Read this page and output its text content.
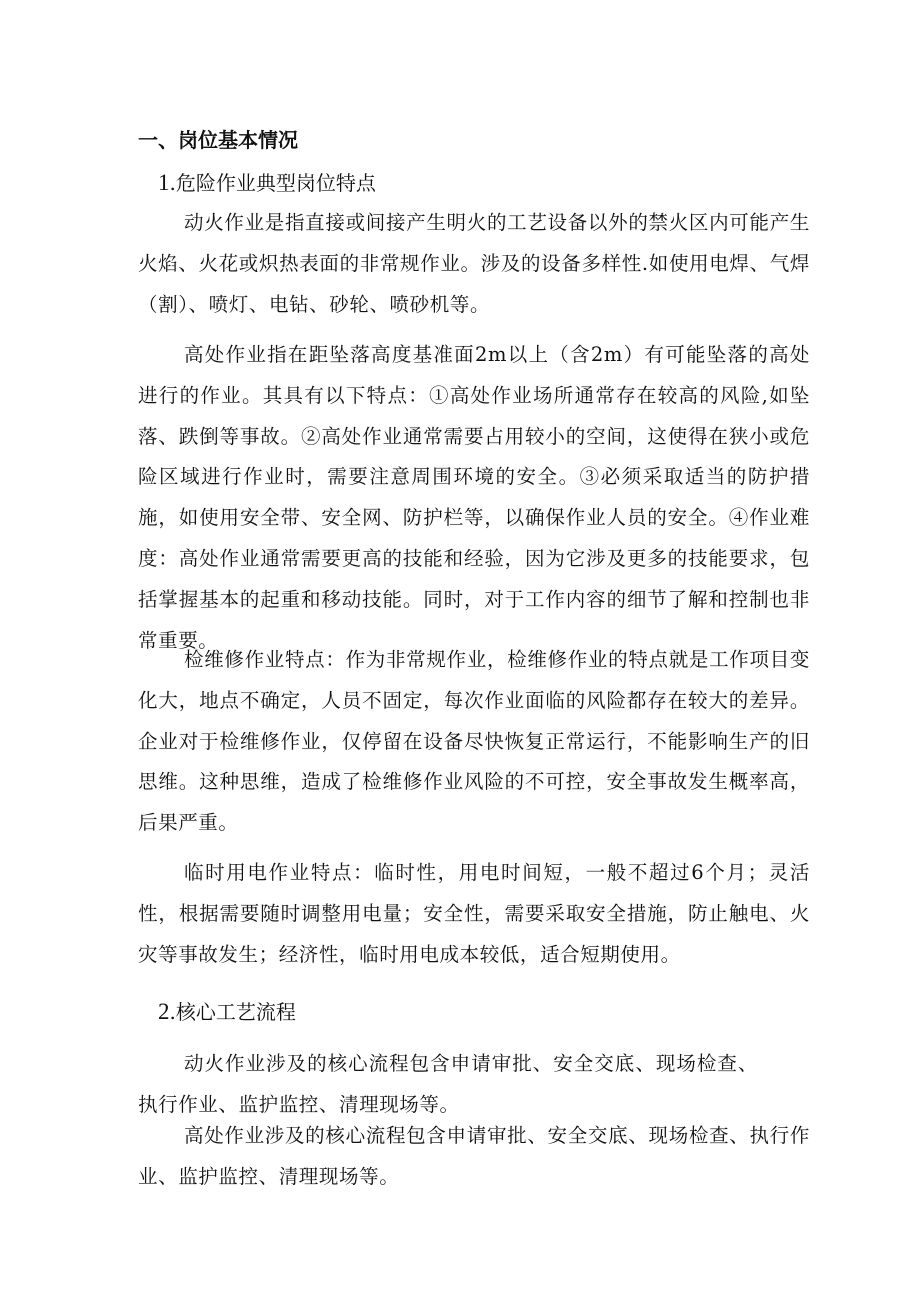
一、岗位基本情况
1.危险作业典型岗位特点
动火作业是指直接或间接产生明火的工艺设备以外的禁火区内可能产生火焰、火花或炽热表面的非常规作业。涉及的设备多样性.如使用电焊、气焊（割）、喷灯、电钻、砂轮、喷砂机等。
高处作业指在距坠落高度基准面2m以上（含2m）有可能坠落的高处进行的作业。其具有以下特点：①高处作业场所通常存在较高的风险,如坠落、跌倒等事故。②高处作业通常需要占用较小的空间，这使得在狭小或危险区域进行作业时，需要注意周围环境的安全。③必须采取适当的防护措施，如使用安全带、安全网、防护栏等，以确保作业人员的安全。④作业难度：高处作业通常需要更高的技能和经验，因为它涉及更多的技能要求，包括掌握基本的起重和移动技能。同时，对于工作内容的细节了解和控制也非常重要。
检维修作业特点：作为非常规作业，检维修作业的特点就是工作项目变化大，地点不确定，人员不固定，每次作业面临的风险都存在较大的差异。企业对于检维修作业，仅停留在设备尽快恢复正常运行，不能影响生产的旧思维。这种思维，造成了检维修作业风险的不可控，安全事故发生概率高，后果严重。
临时用电作业特点：临时性，用电时间短，一般不超过6个月；灵活性，根据需要随时调整用电量；安全性，需要采取安全措施，防止触电、火灾等事故发生；经济性，临时用电成本较低，适合短期使用。
2.核心工艺流程
动火作业涉及的核心流程包含申请审批、安全交底、现场检查、执行作业、监护监控、清理现场等。
高处作业涉及的核心流程包含申请审批、安全交底、现场检查、执行作业、监护监控、清理现场等。
